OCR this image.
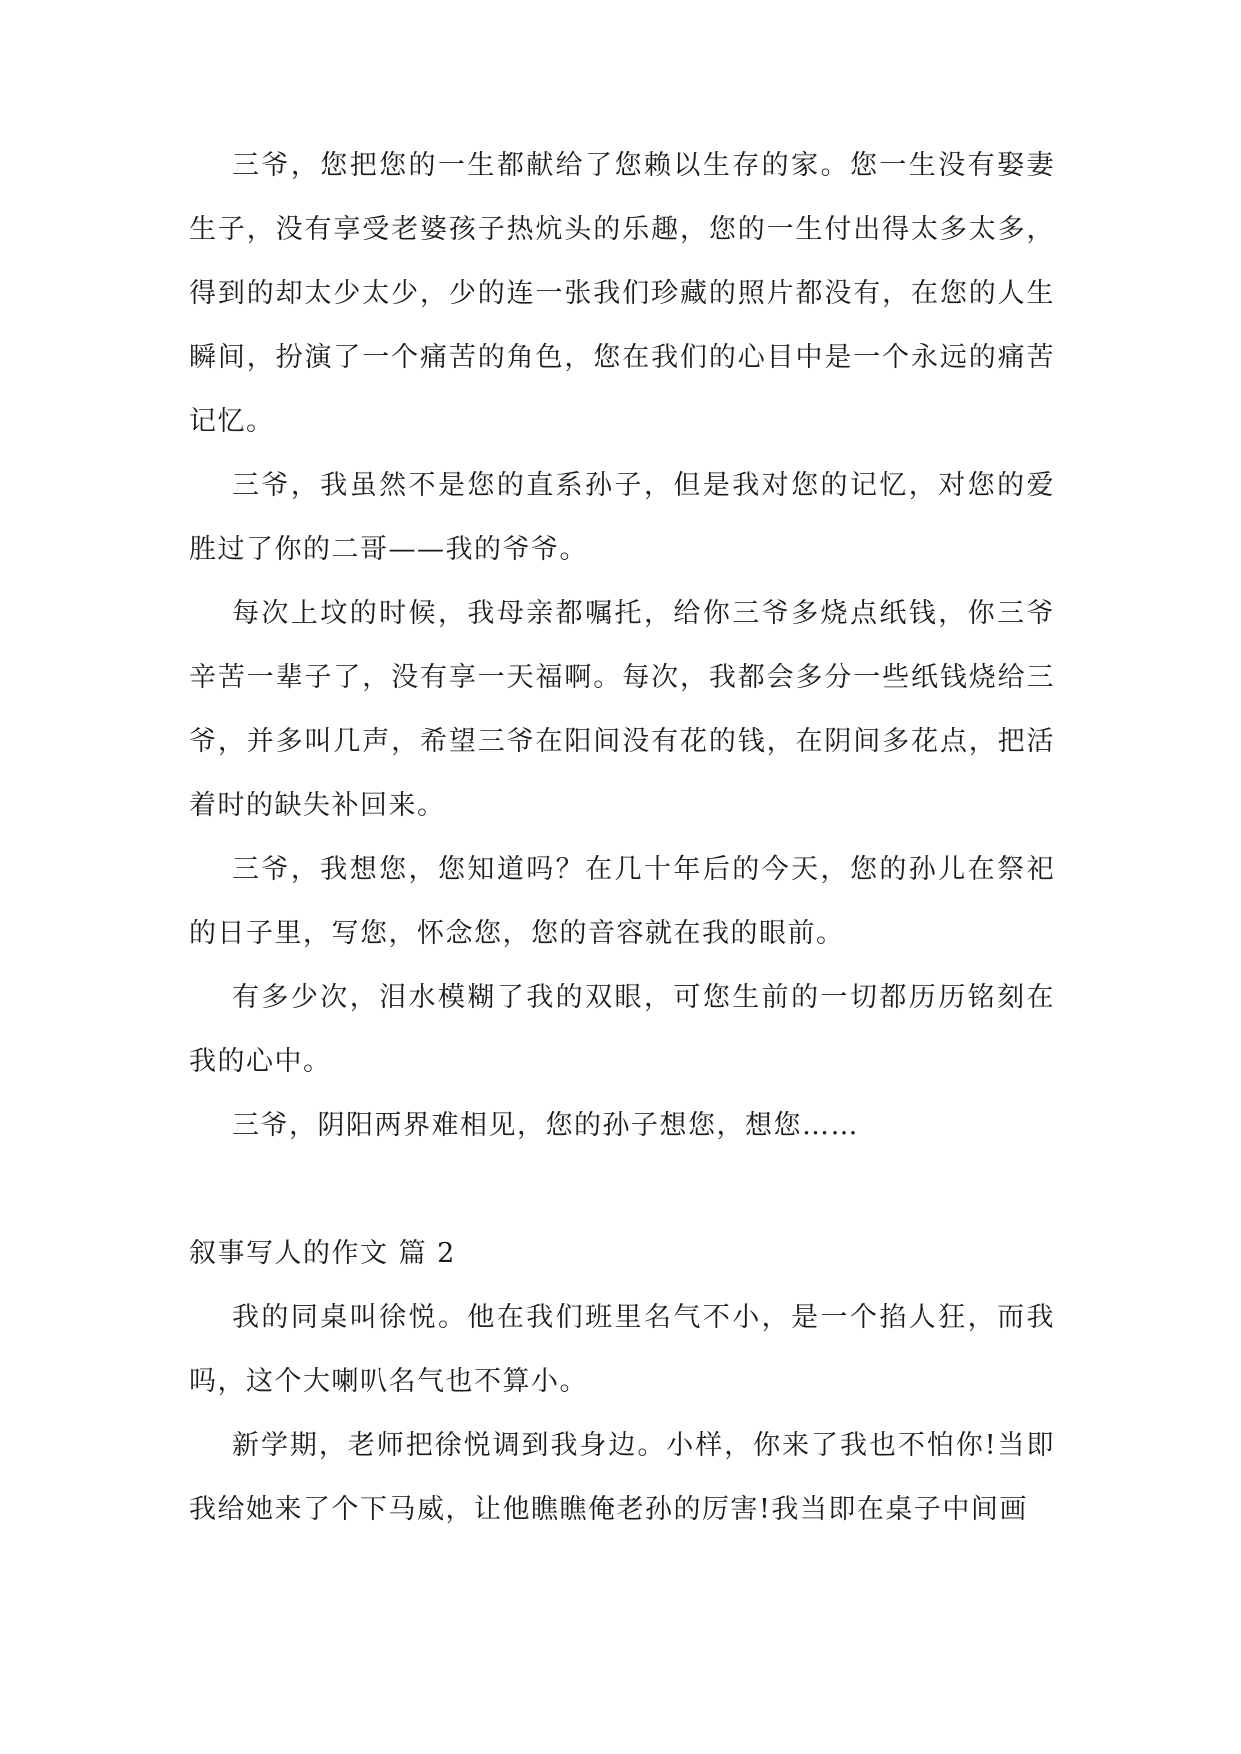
三爷，您把您的一生都献给了您赖以生存的家。您一生没有娶妻生子，没有享受老婆孩子热炕头的乐趣，您的一生付出得太多太多，得到的却太少太少，少的连一张我们珍藏的照片都没有，在您的人生瞬间，扮演了一个痛苦的角色，您在我们的心目中是一个永远的痛苦记忆。

三爷，我虽然不是您的直系孙子，但是我对您的记忆，对您的爱胜过了你的二哥——我的爷爷。

每次上坟的时候，我母亲都嘱托，给你三爷多烧点纸钱，你三爷辛苦一辈子了，没有享一天福啊。每次，我都会多分一些纸钱烧给三爷，并多叫几声，希望三爷在阳间没有花的钱，在阴间多花点，把活着时的缺失补回来。

三爷，我想您，您知道吗？在几十年后的今天，您的孙儿在祭祀的日子里，写您，怀念您，您的音容就在我的眼前。

有多少次，泪水模糊了我的双眼，可您生前的一切都历历铭刻在我的心中。

三爷，阴阳两界难相见，您的孙子想您，想您……

叙事写人的作文 篇 2

我的同桌叫徐悦。他在我们班里名气不小，是一个掐人狂，而我吗，这个大喇叭名气也不算小。

新学期，老师把徐悦调到我身边。小样，你来了我也不怕你!当即我给她来了个下马威，让他瞧瞧俺老孙的厉害!我当即在桌子中间画
